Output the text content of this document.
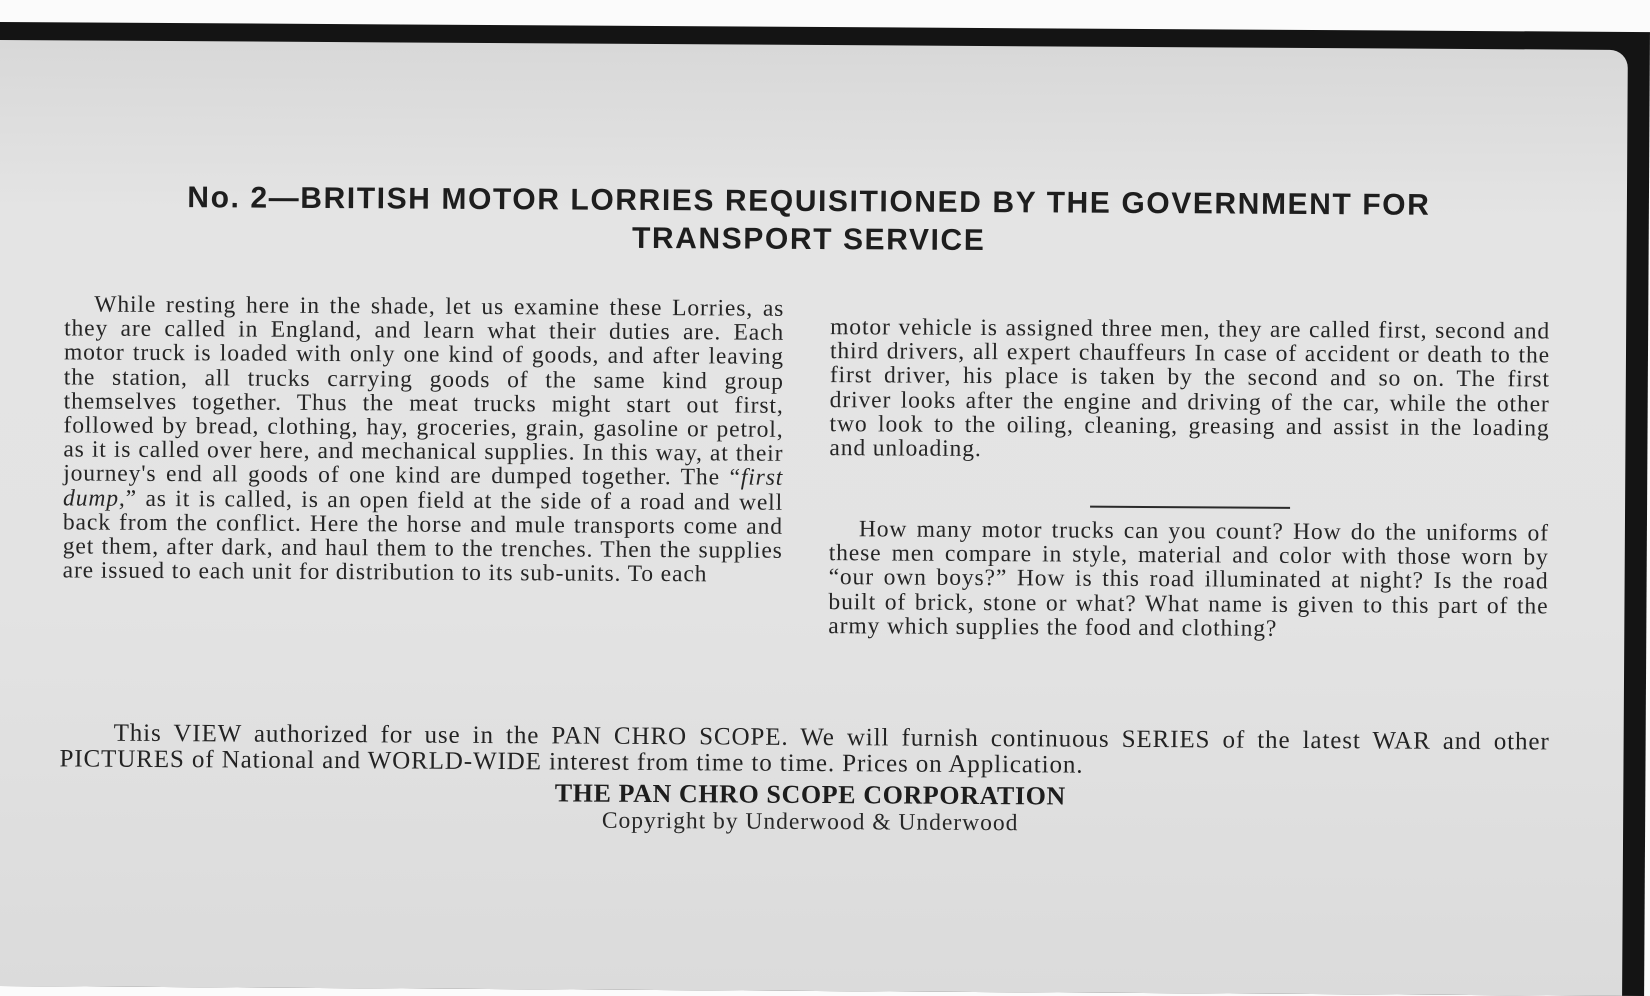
No. 2—BRITISH MOTOR LORRIES REQUISITIONED BY THE GOVERNMENT FOR TRANSPORT SERVICE

While resting here in the shade, let us examine these Lorries, as they are called in England, and learn what their duties are. Each motor truck is loaded with only one kind of goods, and after leaving the station, all trucks carrying goods of the same kind group themselves together. Thus the meat trucks might start out first, followed by bread, clothing, hay, groceries, grain, gasoline or petrol, as it is called over here, and mechanical supplies. In this way, at their journey's end all goods of one kind are dumped together. The “first dump,” as it is called, is an open field at the side of a road and well back from the conflict. Here the horse and mule transports come and get them, after dark, and haul them to the trenches. Then the supplies are issued to each unit for distribution to its sub-units. To each

motor vehicle is assigned three men, they are called first, second and third drivers, all expert chauffeurs In case of accident or death to the first driver, his place is taken by the second and so on. The first driver looks after the engine and driving of the car, while the other two look to the oiling, cleaning, greasing and assist in the loading and unloading.

How many motor trucks can you count? How do the uniforms of these men compare in style, material and color with those worn by “our own boys?” How is this road illuminated at night? Is the road built of brick, stone or what? What name is given to this part of the army which supplies the food and clothing?

This VIEW authorized for use in the PAN CHRO SCOPE. We will furnish continuous SERIES of the latest WAR and other PICTURES of National and WORLD-WIDE interest from time to time. Prices on Application.

THE PAN CHRO SCOPE CORPORATION

Copyright by Underwood & Underwood
